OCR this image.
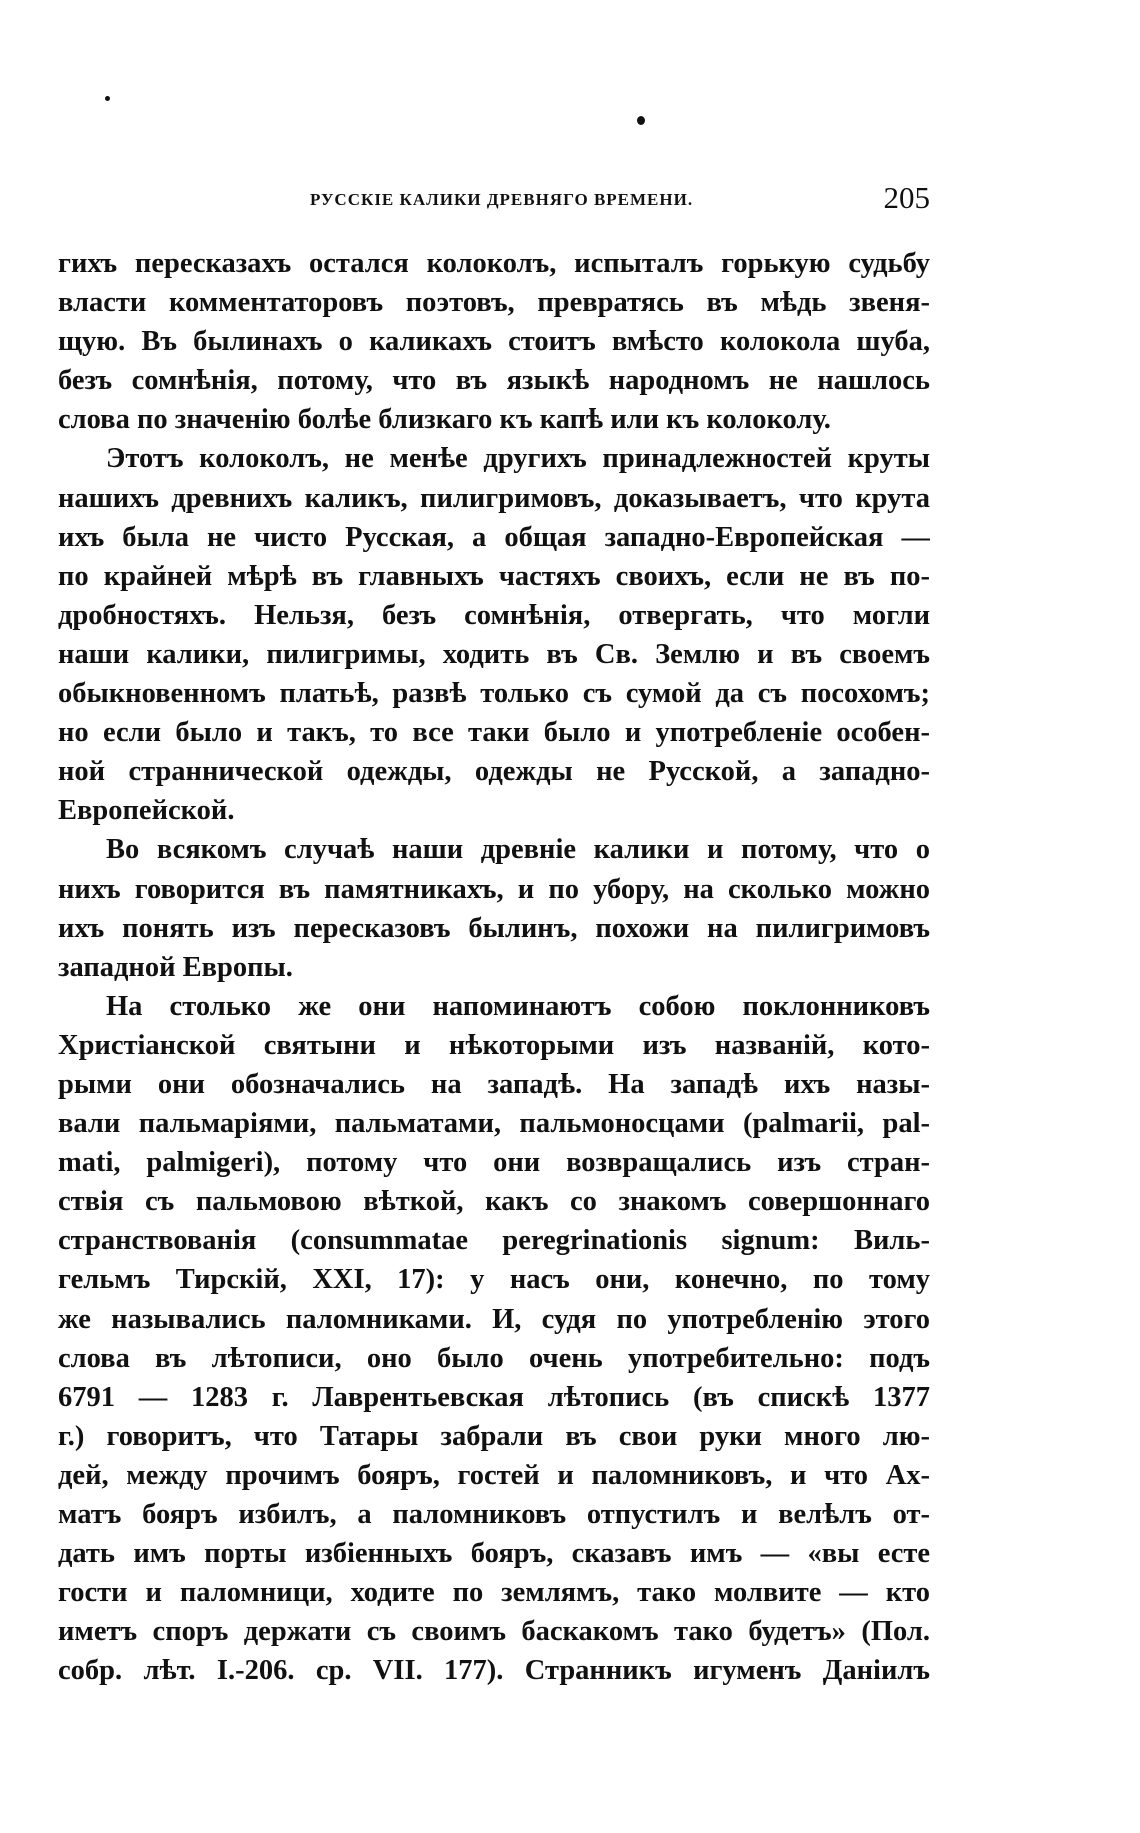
РУССКІЕ КАЛИКИ ДРЕВНЯГО ВРЕМЕНИ.	205
гихъ пересказахъ остался колоколъ, испыталъ горькую судьбу
власти комментаторовъ поэтовъ, превратясь въ мѣдь звеня-
щую. Въ былинахъ о каликахъ стоитъ вмѣсто колокола шуба,
безъ сомнѣнія, потому, что въ языкѣ народномъ не нашлось
слова по значенію болѣе близкаго къ капѣ или къ колоколу.
Этотъ колоколъ, не менѣе другихъ принадлежностей круты
нашихъ древнихъ каликъ, пилигримовъ, доказываетъ, что крута
ихъ была не чисто Русская, а общая западно-Европейская —
по крайней мѣрѣ въ главныхъ частяхъ своихъ, если не въ по-
дробностяхъ. Нельзя, безъ сомнѣнія, отвергать, что могли
наши калики, пилигримы, ходить въ Св. Землю и въ своемъ
обыкновенномъ платьѣ, развѣ только съ сумой да съ посохомъ;
но если было и такъ, то все таки было и употребленіе особен-
ной страннической одежды, одежды не Русской, а западно-
Европейской.
Во всякомъ случаѣ наши древніе калики и потому, что о
нихъ говорится въ памятникахъ, и по убору, на сколько можно
ихъ понять изъ пересказовъ былинъ, похожи на пилигримовъ
западной Европы.
На столько же они напоминаютъ собою поклонниковъ
Христіанской святыни и нѣкоторыми изъ названій, кото-
рыми они обозначались на западѣ. На западѣ ихъ назы-
вали пальмаріями, пальматами, пальмоносцами (palmarii, pal-
mati, palmigeri), потому что они возвращались изъ стран-
ствія съ пальмовою вѣткой, какъ со знакомъ совершоннаго
странствованія (consummatae peregrinationis signum: Виль-
гельмъ Тирскій, XXI, 17): у насъ они, конечно, по тому
же назывались паломниками. И, судя по употребленію этого
слова въ лѣтописи, оно было очень употребительно: подъ
6791 — 1283 г. Лаврентьевская лѣтопись (въ спискѣ 1377
г.) говоритъ, что Татары забрали въ свои руки много лю-
дей, между прочимъ бояръ, гостей и паломниковъ, и что Ах-
матъ бояръ избилъ, а паломниковъ отпустилъ и велѣлъ от-
дать имъ порты избіенныхъ бояръ, сказавъ имъ — «вы есте
гости и паломници, ходите по землямъ, тако молвите — кто
иметъ споръ держати съ своимъ баскакомъ тако будетъ» (Пол.
собр. лѣт. I.-206. ср. VII. 177). Странникъ игуменъ Даніилъ
